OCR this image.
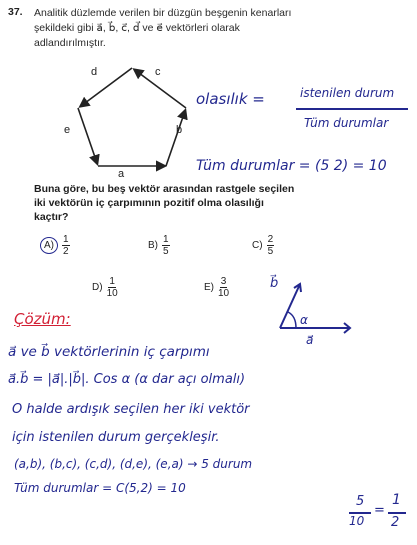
37. Analitik düzlemde verilen bir düzgün beşgenin kenarları
şekildeki gibi a⃗, b⃗, c⃗, d⃗ ve e⃗ vektörleri olarak
adlandırılmıştır.
d	c
e	b
a
olasılık =	istenilen durum
Tüm durumlar
Tüm durumlar = (5 2) = 10
Buna göre, bu beş vektör arasından rastgele seçilen
iki vektörün iç çarpımının pozitif olma olasılığı
kaçtır?
$A) \frac{1}{2}$	$B) \frac{1}{5}$	$C) \frac{2}{5}$
$D) \frac{1}{10}$	$E) \frac{3}{10}$	b⃗
α
a⃗
Çözüm:
a⃗ ve b⃗ vektörlerinin iç çarpımı
a⃗.b⃗ = |a⃗|.|b⃗|. Cos α (α dar açı olmalı)
O halde ardışık seçilen her iki vektör
için istenilen durum gerçekleşir.
(a,b), (b,c), (c,d), (d,e), (e,a) → 5 durum
Tüm durumlar = C(5,2) = 10
5
10
=
1
2
